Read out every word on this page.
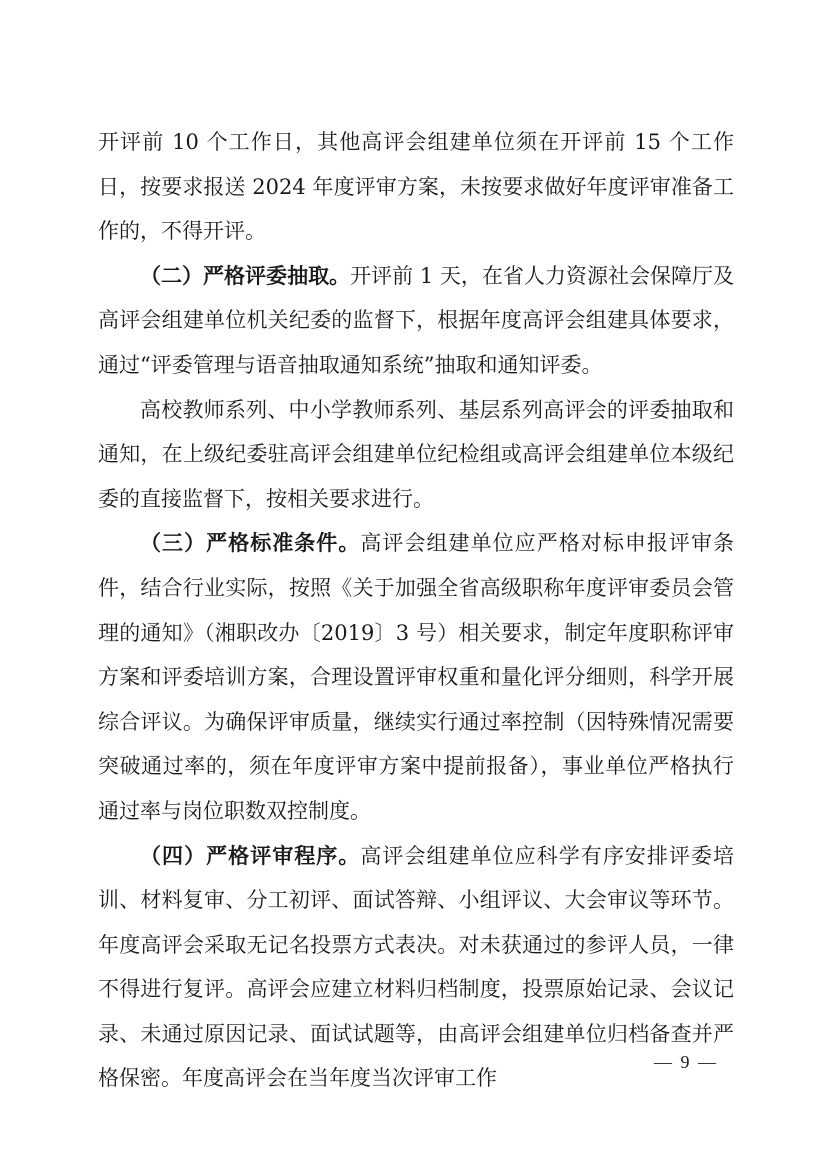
开评前 10 个工作日，其他高评会组建单位须在开评前 15 个工作日，按要求报送 2024 年度评审方案，未按要求做好年度评审准备工作的，不得开评。

（二）严格评委抽取。开评前 1 天，在省人力资源社会保障厅及高评会组建单位机关纪委的监督下，根据年度高评会组建具体要求，通过“评委管理与语音抽取通知系统”抽取和通知评委。

高校教师系列、中小学教师系列、基层系列高评会的评委抽取和通知，在上级纪委驻高评会组建单位纪检组或高评会组建单位本级纪委的直接监督下，按相关要求进行。

（三）严格标准条件。高评会组建单位应严格对标申报评审条件，结合行业实际，按照《关于加强全省高级职称年度评审委员会管理的通知》（湘职改办〔2019〕3 号）相关要求，制定年度职称评审方案和评委培训方案，合理设置评审权重和量化评分细则，科学开展综合评议。为确保评审质量，继续实行通过率控制（因特殊情况需要突破通过率的，须在年度评审方案中提前报备），事业单位严格执行通过率与岗位职数双控制度。

（四）严格评审程序。高评会组建单位应科学有序安排评委培训、材料复审、分工初评、面试答辩、小组评议、大会审议等环节。年度高评会采取无记名投票方式表决。对未获通过的参评人员，一律不得进行复评。高评会应建立材料归档制度，投票原始记录、会议记录、未通过原因记录、面试试题等，由高评会组建单位归档备查并严格保密。年度高评会在当年度当次评审工作

— 9 —
